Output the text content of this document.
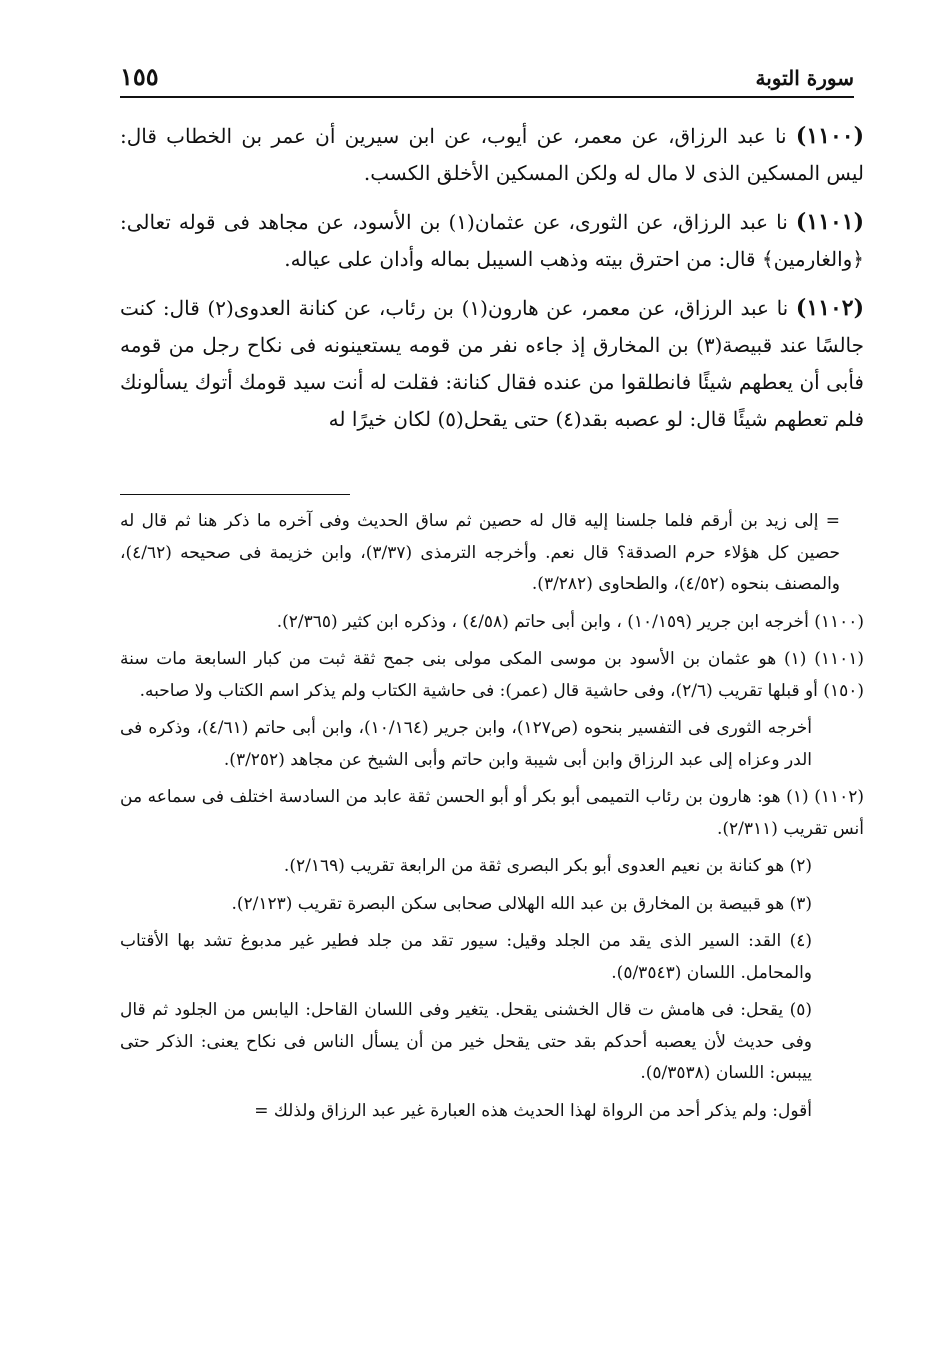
سورة التوبة
١٥٥

(١١٠٠) نا عبد الرزاق، عن معمر، عن أيوب، عن ابن سيرين أن عمر بن الخطاب قال: ليس المسكين الذى لا مال له ولكن المسكين الأخلق الكسب.

(١١٠١) نا عبد الرزاق، عن الثورى، عن عثمان(١) بن الأسود، عن مجاهد فى قوله تعالى: ﴿والغارمين﴾ قال: من احترق بيته وذهب السيبل بماله وأدان على عياله.

(١١٠٢) نا عبد الرزاق، عن معمر، عن هارون(١) بن رئاب، عن كنانة العدوى(٢) قال: كنت جالسًا عند قبيصة(٣) بن المخارق إذ جاءه نفر من قومه يستعينونه فى نكاح رجل من قومه فأبى أن يعطهم شيئًا فانطلقوا من عنده فقال كنانة: فقلت له أنت سيد قومك أتوك يسألونك فلم تعطهم شيئًا قال: لو عصبه بقد(٤) حتى يقحل(٥) لكان خيرًا له

= إلى زيد بن أرقم فلما جلسنا إليه قال له حصين ثم ساق الحديث وفى آخره ما ذكر هنا ثم قال له حصين كل هؤلاء حرم الصدقة؟ قال نعم. وأخرجه الترمذى (٣/٣٧)، وابن خزيمة فى صحيحه (٤/٦٢)، والمصنف بنحوه (٤/٥٢)، والطحاوى (٣/٢٨٢).

(١١٠٠) أخرجه ابن جرير (١٠/١٥٩) ، وابن أبى حاتم (٤/٥٨) ، وذكره ابن كثير (٢/٣٦٥).

(١١٠١) (١) هو عثمان بن الأسود بن موسى المكى مولى بنى جمح ثقة ثبت من كبار السابعة مات سنة (١٥٠) أو قبلها تقريب (٢/٦)، وفى حاشية قال (عمر): فى حاشية الكتاب ولم يذكر اسم الكتاب ولا صاحبه.

أخرجه الثورى فى التفسير بنحوه (ص١٢٧)، وابن جرير (١٠/١٦٤)، وابن أبى حاتم (٤/٦١)، وذكره فى الدر وعزاه إلى عبد الرزاق وابن أبى شيبة وابن حاتم وأبى الشيخ عن مجاهد (٣/٢٥٢).

(١١٠٢) (١) هو: هارون بن رئاب التميمى أبو بكر أو أبو الحسن ثقة عابد من السادسة اختلف فى سماعه من أنس تقريب (٢/٣١١).

(٢) هو كنانة بن نعيم العدوى أبو بكر البصرى ثقة من الرابعة تقريب (٢/١٦٩).

(٣) هو قبيصة بن المخارق بن عبد الله الهلالى صحابى سكن البصرة تقريب (٢/١٢٣).

(٤) القد: السير الذى يقد من الجلد وقيل: سيور تقد من جلد فطير غير مدبوغ تشد بها الأقتاب والمحامل. اللسان (٥/٣٥٤٣).

(٥) يقحل: فى هامش ت قال الخشنى يقحل. يتغير وفى اللسان القاحل: اليابس من الجلود ثم قال وفى حديث لأن يعصبه أحدكم بقد حتى يقحل خير من أن يسأل الناس فى نكاح يعنى: الذكر حتى ييبس: اللسان (٥/٣٥٣٨).

أقول: ولم يذكر أحد من الرواة لهذا الحديث هذه العبارة غير عبد الرزاق ولذلك =
